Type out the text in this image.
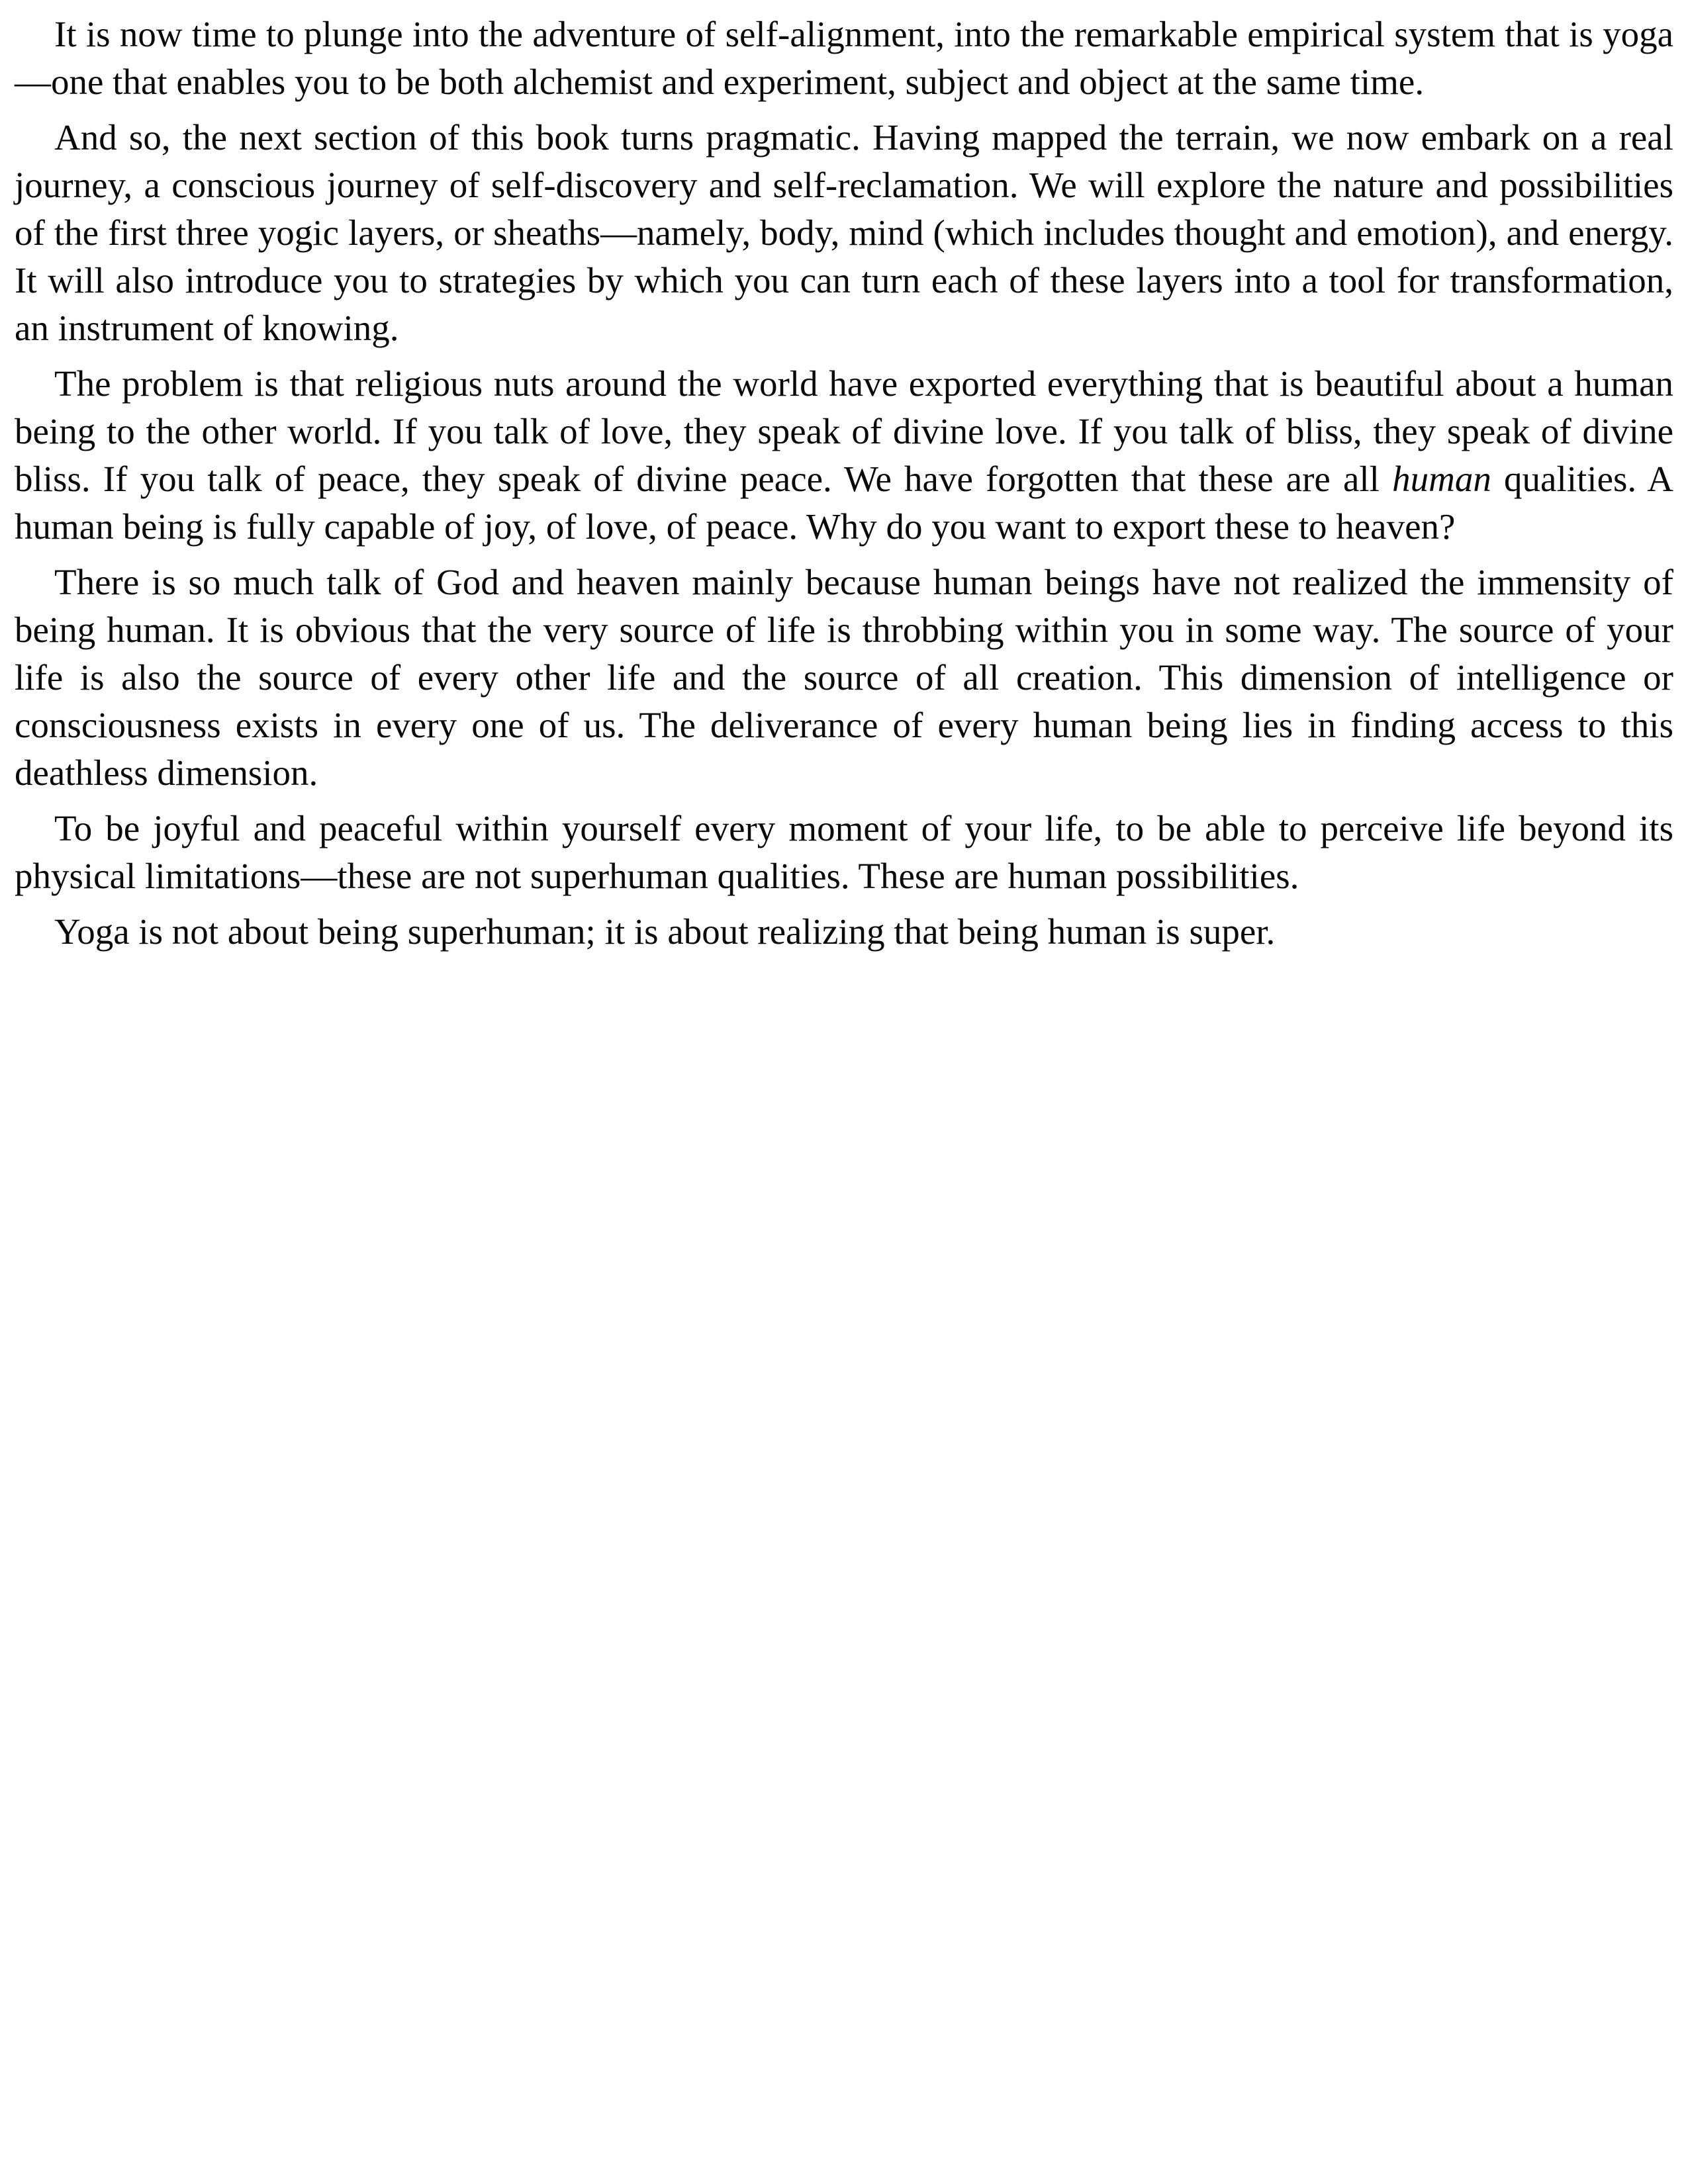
It is now time to plunge into the adventure of self-alignment, into the remarkable empirical system that is yoga—one that enables you to be both alchemist and experiment, subject and object at the same time.

And so, the next section of this book turns pragmatic. Having mapped the terrain, we now embark on a real journey, a conscious journey of self-discovery and self-reclamation. We will explore the nature and possibilities of the first three yogic layers, or sheaths—namely, body, mind (which includes thought and emotion), and energy. It will also introduce you to strategies by which you can turn each of these layers into a tool for transformation, an instrument of knowing.

The problem is that religious nuts around the world have exported everything that is beautiful about a human being to the other world. If you talk of love, they speak of divine love. If you talk of bliss, they speak of divine bliss. If you talk of peace, they speak of divine peace. We have forgotten that these are all human qualities. A human being is fully capable of joy, of love, of peace. Why do you want to export these to heaven?

There is so much talk of God and heaven mainly because human beings have not realized the immensity of being human. It is obvious that the very source of life is throbbing within you in some way. The source of your life is also the source of every other life and the source of all creation. This dimension of intelligence or consciousness exists in every one of us. The deliverance of every human being lies in finding access to this deathless dimension.

To be joyful and peaceful within yourself every moment of your life, to be able to perceive life beyond its physical limitations—these are not superhuman qualities. These are human possibilities.

Yoga is not about being superhuman; it is about realizing that being human is super.
